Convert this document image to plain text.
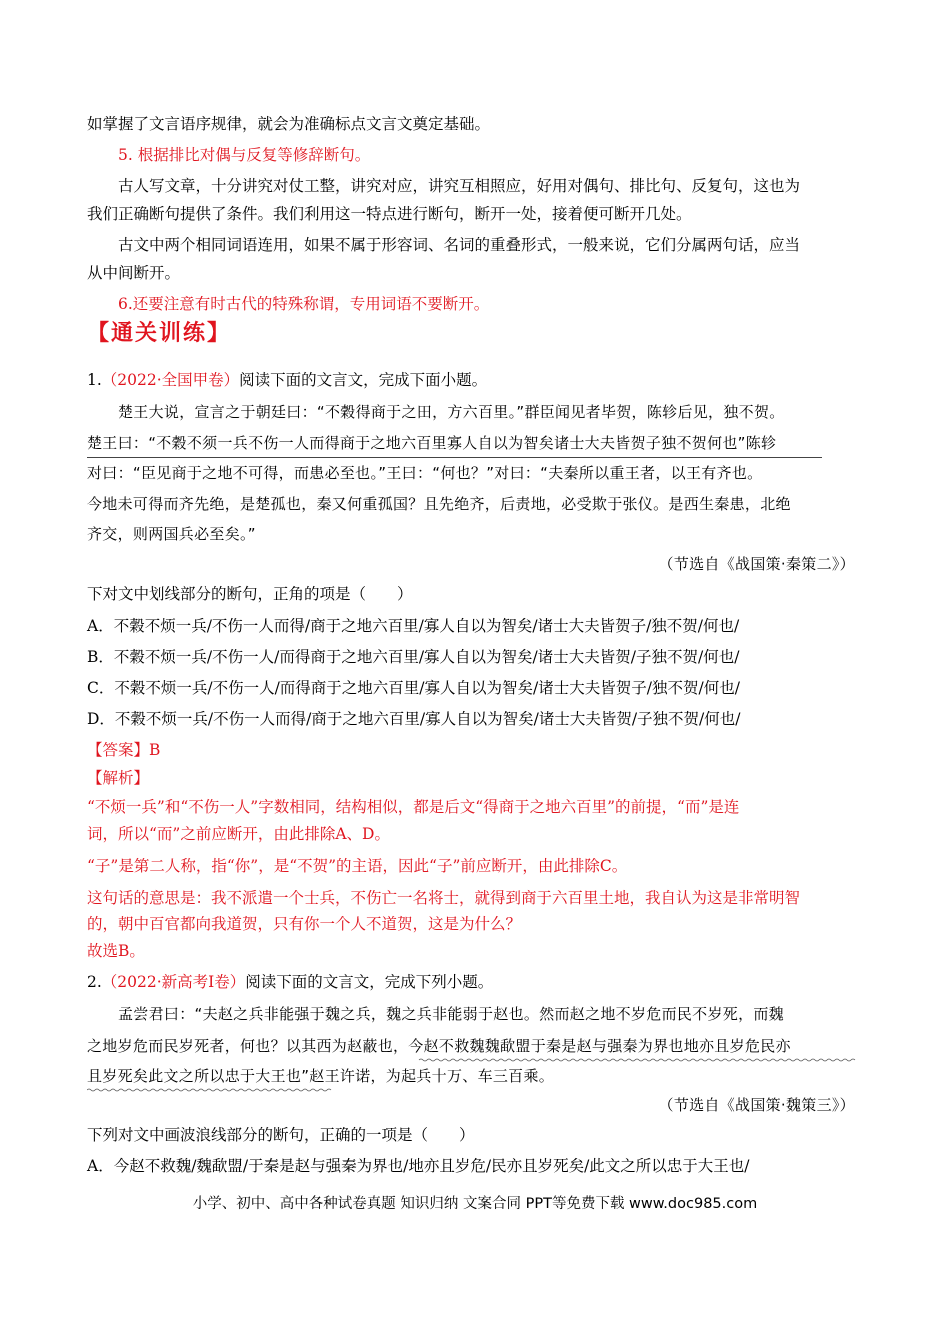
如掌握了文言语序规律，就会为准确标点文言文奠定基础。
5. 根据排比对偶与反复等修辞断句。
古人写文章，十分讲究对仗工整，讲究对应，讲究互相照应，好用对偶句、排比句、反复句，这也为
我们正确断句提供了条件。我们利用这一特点进行断句，断开一处，接着便可断开几处。
古文中两个相同词语连用，如果不属于形容词、名词的重叠形式，一般来说，它们分属两句话，应当
从中间断开。
6.还要注意有时古代的特殊称谓，专用词语不要断开。
【通关训练】
1.（2022·全国甲卷）阅读下面的文言文，完成下面小题。
楚王大说，宣言之于朝廷曰：“不穀得商于之田，方六百里。”群臣闻见者毕贺，陈轸后见，独不贺。
楚王曰：“不穀不须一兵不伤一人而得商于之地六百里寡人自以为智矣诸士大夫皆贺子独不贺何也”陈轸
对曰：“臣见商于之地不可得，而患必至也。”王曰：“何也？”对曰：“夫秦所以重王者，以王有齐也。
今地未可得而齐先绝，是楚孤也，秦又何重孤国？且先绝齐，后责地，必受欺于张仪。是西生秦患，北绝
齐交，则两国兵必至矣。”
（节选自《战国策·秦策二》）
下对文中划线部分的断句，正角的项是（　　）
A．不穀不烦一兵/不伤一人而得/商于之地六百里/寡人自以为智矣/诸士大夫皆贺子/独不贺/何也/
B．不穀不烦一兵/不伤一人/而得商于之地六百里/寡人自以为智矣/诸士大夫皆贺/子独不贺/何也/
C．不穀不烦一兵/不伤一人/而得商于之地六百里/寡人自以为智矣/诸士大夫皆贺子/独不贺/何也/
D．不穀不烦一兵/不伤一人而得/商于之地六百里/寡人自以为智矣/诸士大夫皆贺/子独不贺/何也/
【答案】B
【解析】
“不烦一兵”和“不伤一人”字数相同，结构相似，都是后文“得商于之地六百里”的前提，“而”是连
词，所以“而”之前应断开，由此排除A、D。
“子”是第二人称，指“你”，是“不贺”的主语，因此“子”前应断开，由此排除C。
这句话的意思是：我不派遣一个士兵，不伤亡一名将士，就得到商于六百里土地，我自认为这是非常明智
的，朝中百官都向我道贺，只有你一个人不道贺，这是为什么？
故选B。
2.（2022·新高考Ⅰ卷）阅读下面的文言文，完成下列小题。
孟尝君曰：“夫赵之兵非能强于魏之兵，魏之兵非能弱于赵也。然而赵之地不岁危而民不岁死，而魏
之地岁危而民岁死者，何也？以其西为赵蔽也，今赵不救魏魏歃盟于秦是赵与强秦为界也地亦且岁危民亦
且岁死矣此文之所以忠于大王也”赵王许诺，为起兵十万、车三百乘。
（节选自《战国策·魏策三》）
下列对文中画波浪线部分的断句，正确的一项是（　　）
A．今赵不救魏/魏歃盟/于秦是赵与强秦为界也/地亦且岁危/民亦且岁死矣/此文之所以忠于大王也/
小学、初中、高中各种试卷真题 知识归纳 文案合同 PPT等免费下载 www.doc985.com
